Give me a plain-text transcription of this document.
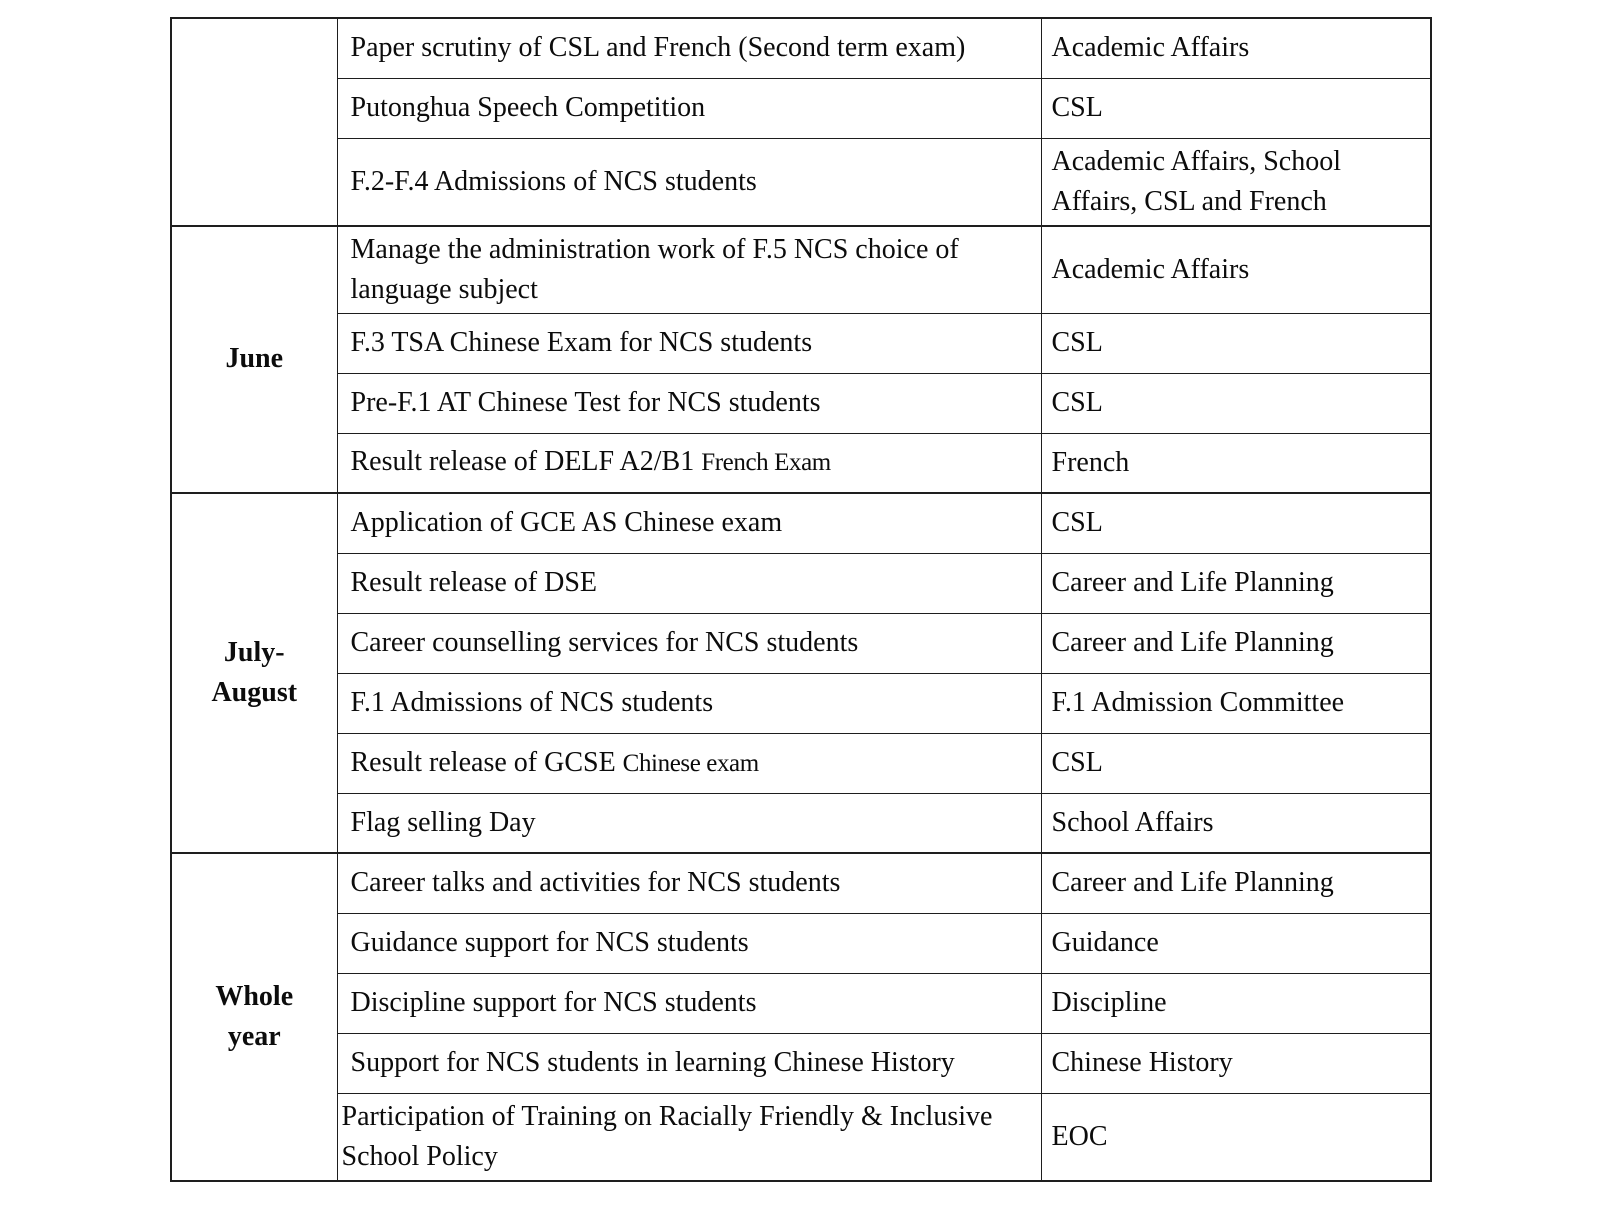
	Paper scrutiny of CSL and French (Second term exam)	Academic Affairs
	Putonghua Speech Competition	CSL
	F.2-F.4 Admissions of NCS students	Academic Affairs, School Affairs, CSL and French

June	Manage the administration work of F.5 NCS choice of language subject	Academic Affairs
	F.3 TSA Chinese Exam for NCS students	CSL
	Pre-F.1 AT Chinese Test for NCS students	CSL
	Result release of DELF A2/B1 French Exam	French

July-August	Application of GCE AS Chinese exam	CSL
	Result release of DSE	Career and Life Planning
	Career counselling services for NCS students	Career and Life Planning
	F.1 Admissions of NCS students	F.1 Admission Committee
	Result release of GCSE Chinese exam	CSL
	Flag selling Day	School Affairs

Whole year	Career talks and activities for NCS students	Career and Life Planning
	Guidance support for NCS students	Guidance
	Discipline support for NCS students	Discipline
	Support for NCS students in learning Chinese History	Chinese History
	Participation of Training on Racially Friendly & Inclusive School Policy	EOC
